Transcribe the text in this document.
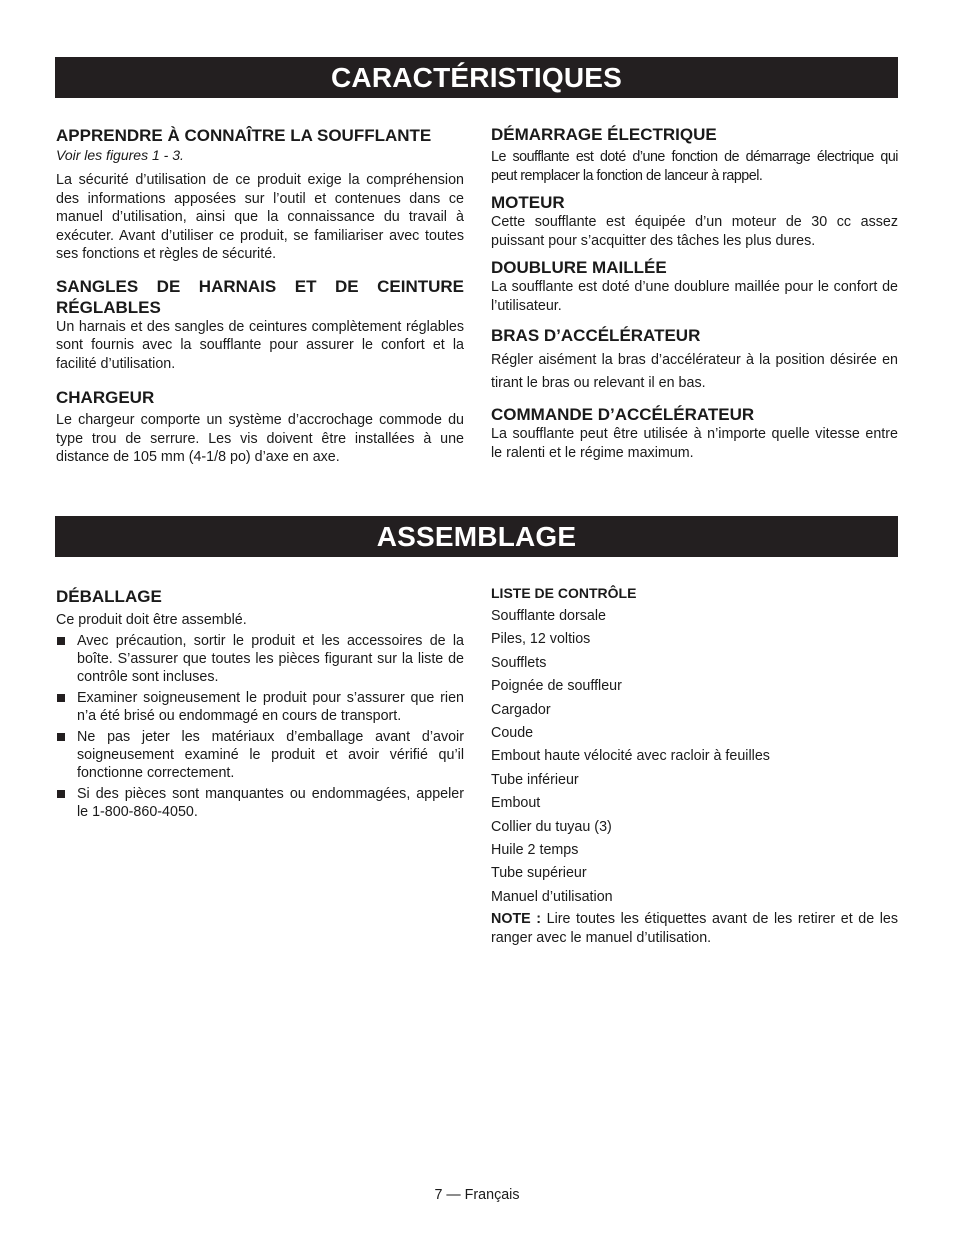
CARACTÉRISTIQUES
APPRENDRE À CONNAÎTRE LA SOUFFLANTE
Voir les figures 1 - 3.

La sécurité d’utilisation de ce produit exige la compréhension des informations apposées sur l’outil et contenues dans ce manuel d’utilisation, ainsi que la connaissance du travail à exécuter. Avant d’utiliser ce produit, se familiariser avec toutes ses fonctions et règles de sécurité.

SANGLES DE HARNAIS ET DE CEINTURE RÉGLABLES

Un harnais et des sangles de ceintures complètement réglables sont fournis avec la soufflante pour assurer le confort et la facilité d’utilisation.

CHARGEUR

Le chargeur comporte un système d’accrochage commode du type trou de serrure. Les vis doivent être installées à une distance de 105 mm (4-1/8 po) d’axe en axe.

DÉMARRAGE ÉLECTRIQUE

Le soufflante est doté d’une fonction de démarrage électrique qui peut remplacer la fonction de lanceur à rappel.

MOTEUR

Cette soufflante est équipée d’un moteur de 30 cc assez puissant pour s’acquitter des tâches les plus dures.

DOUBLURE MAILLÉE

La soufflante est doté d’une doublure maillée pour le confort de l’utilisateur.

BRAS D’ACCÉLÉRATEUR

Régler aisément la bras d’accélérateur à la position désirée en tirant le bras ou relevant il en bas.

COMMANDE D’ACCÉLÉRATEUR

La soufflante peut être utilisée à n’importe quelle vitesse entre le ralenti et le régime maximum.

ASSEMBLAGE
DÉBALLAGE

Ce produit doit être assemblé.

Avec précaution, sortir le produit et les accessoires de la boîte. S’assurer que toutes les pièces figurant sur la liste de contrôle sont incluses.
Examiner soigneusement le produit pour s’assurer que rien n’a été brisé ou endommagé en cours de transport.
Ne pas jeter les matériaux d’emballage avant d’avoir soigneusement examiné le produit et avoir vérifié qu’il fonctionne correctement.
Si des pièces sont manquantes ou endommagées, appeler le 1-800-860-4050.
LISTE DE CONTRÔLE
Soufflante dorsale
Piles, 12 voltios
Soufflets
Poignée de souffleur
Cargador
Coude
Embout haute vélocité avec racloir à feuilles
Tube inférieur
Embout
Collier du tuyau (3)
Huile 2 temps
Tube supérieur
Manuel d’utilisation

NOTE : Lire toutes les étiquettes avant de les retirer et de les ranger avec le manuel d’utilisation.

7 — Français
